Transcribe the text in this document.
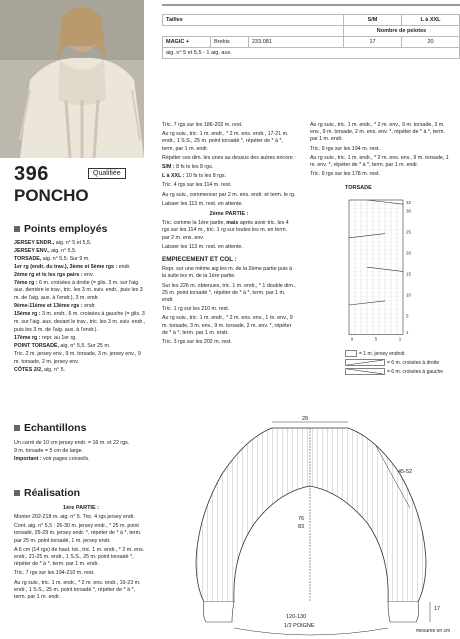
396	Qualifiée
PONCHO
Tailles			S/M	L à XXL
			Nombre de pelotes	
MAGIC +	Brebis	233.081	17	20
aig. n° 5 et 5,5 - 1 aig. aux.				
Points employés

JERSEY ENDR., aig. n° 5 et 5,5.

JERSEY ENV., aig. n° 5,5.

TORSADE, aig. n° 5,5. Sur 9 m.

1er rg (endr. du trav.), 3ème et 5ème rgs : endr.

2ème rg et ts les rgs pairs : env.

7ème rg : 6 m. croisées à droite (= glis. 3 m. sur l'aig. aux. derrière le trav., tric. les 3 m. suiv. endr., puis les 3 m. de l'aig. aux. à l'endr.), 3 m. endr.

9ème-11ème et 13ème rgs : endr.

15ème rg : 3 m. endr., 6 m. croisées à gauche (= glis. 3 m. sur l'aig. aux. devant le trav., tric. les 3 m. suiv. endr., puis les 3 m. de l'aig. aux. à l'endr.).

17ème rg : repr. au 1er rg.

POINT TORSADÉ, aig. n° 5,5. Sur 25 m.

Tric. 2 m. jersey env., 9 m. torsade, 3 m. jersey env., 9 m. torsade, 2 m. jersey env.

CÔTES 2/2, aig. n° 5.

Echantillons

Un carré de 10 cm jersey endr. = 16 m. et 22 rgs.

9 m. torsade = 5 cm de large.

Important : voir pages conseils.

Réalisation
1ère PARTIE :

Monter 202-218 m. aig. n° 5. Tric. 4 rgs jersey endr.

Cont. aig. n° 5,5 : 26-30 m. jersey endr., * 25 m. point torsadé, 25-29 m. jersey endr. *, répéter de * à *, term. par 25 m. point torsadé, 1 m. jersey endr.

A 6 cm (14 rgs) de haut. tot., tric. 1 m. endr., * 2 m. ens. endr., 21-25 m. endr., 1 S.S., 25 m. point torsadé *, répéter de * à *, term. par 1 m. endr.

Tric. 7 rgs sur les 194-210 m. rest.

Au rg suiv., tric. 1 m. endr., * 2 m. ens. endr., 19-23 m. endr., 1 S.S., 25 m. point torsadé *, répéter de * à *, term. par 1 m. endr.

Tric. 7 rgs sur les 186-202 m. rest.

Au rg suiv., tric. 1 m. endr., * 2 m. ens. endr., 17-21 m. endr., 1 S.S., 25 m. point torsadé *, répéter de * à *, term. par 1 m. endr.

Répéter ces dim. les unes au dessus des autres encore :

S/M : 8 fs ts les 8 rgs.

L à XXL : 10 fs ts les 8 rgs.

Tric. 4 rgs sur les 114 m. rest.

Au rg suiv., commencer par 2 m. ens. endr. et term. le rg.

Laisser les 113 m. rest. en attente.

2ème PARTIE :

Tric. comme la 1ère partie, mais après avoir tric. les 4 rgs sur les 114 m., tric. 1 rg sur toutes les m. en term. par 2 m. ens. env.

Laisser les 113 m. rest. en attente.

EMPIECEMENT ET COL :

Repr. sur une même aig les m. de la 2ème partie puis à la suite les m. de la 1ère partie.

Sur les 226 m. obtenues, tric. 1 m. endr., * 1 double dim., 25 m. point torsadé *, répéter de * à *, term. par 1 m. endr.

Tric. 1 rg sur les 210 m. rest.

Au rg suiv., tric. 1 m. endr., * 2 m. ens. env., 1 m. env., 9 m. torsade, 3 m. env., 9 m. torsade, 2 m. env. *, répéter de * à *, term. par 1 m. endr.

Tric. 3 rgs sur les 202 m. rest.

Au rg suiv., tric. 1 m. endr., * 2 m. env., 9 m. torsade, 3 m. env., 9 m. torsade, 2 m. ens. env. *, répéter de * à *, term. par 1 m. endr.

Tric. 9 rgs sur les 194 m. rest.

Au rg suiv., tric. 1 m. endr., * 2 m. ens. env., 9 m. torsade, 1 m. env. *, répéter de * à *, term. par 1 m. endr.

Tric. 9 rgs sur les 178 m. rest.

TORSADE
32
30
25
20
15
10
5
1
9	5	1
= 1 m. jersey endroit
= 6 m. croisées à droite
= 6 m. croisées à gauche
28
45-52
76
83
17
120-130
1/2 POIGNE
mesures en cm
